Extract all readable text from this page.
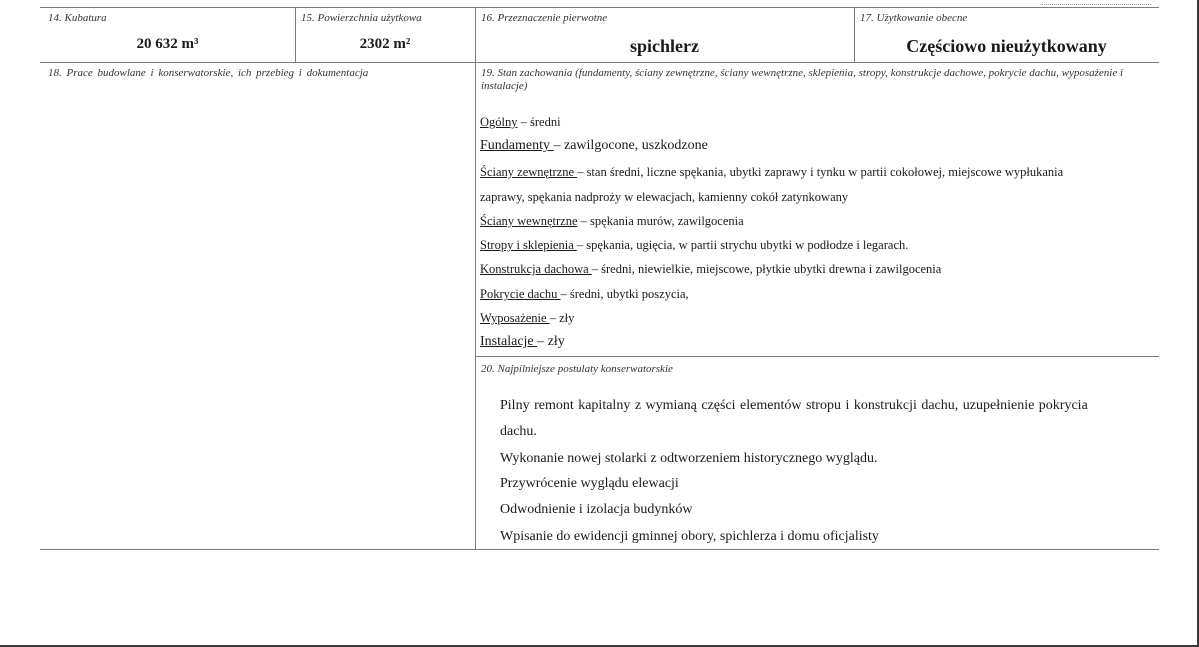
14. Kubatura
20 632 m³
15. Powierzchnia użytkowa
2302 m²
16. Przeznaczenie pierwotne
spichlerz
17. Użytkowanie obecne
Częściowo nieużytkowany
18. Prace budowlane i konserwatorskie, ich przebieg i dokumentacja	19. Stan zachowania (fundamenty, ściany zewnętrzne, ściany wewnętrzne, sklepienia, stropy, konstrukcje dachowe, pokrycie dachu, wyposażenie i instalacje)
Ogólny – średni
Fundamenty – zawilgocone, uszkodzone
Ściany zewnętrzne – stan średni, liczne spękania, ubytki zaprawy i tynku w partii cokołowej, miejscowe wypłukania
zaprawy, spękania nadproży w elewacjach, kamienny cokół zatynkowany
Ściany wewnętrzne – spękania murów, zawilgocenia
Stropy i sklepienia – spękania, ugięcia, w partii strychu ubytki w podłodze i legarach.
Konstrukcja dachowa – średni, niewielkie, miejscowe, płytkie ubytki drewna i zawilgocenia
Pokrycie dachu – średni, ubytki poszycia,
Wyposażenie – zły
Instalacje – zły
20. Najpilniejsze postulaty konserwatorskie
Pilny remont kapitalny z wymianą części elementów stropu i konstrukcji dachu, uzupełnienie pokrycia
dachu.
Wykonanie nowej stolarki z odtworzeniem historycznego wyglądu.
Przywrócenie wyglądu elewacji
Odwodnienie i izolacja budynków
Wpisanie do ewidencji gminnej obory, spichlerza i domu oficjalisty
